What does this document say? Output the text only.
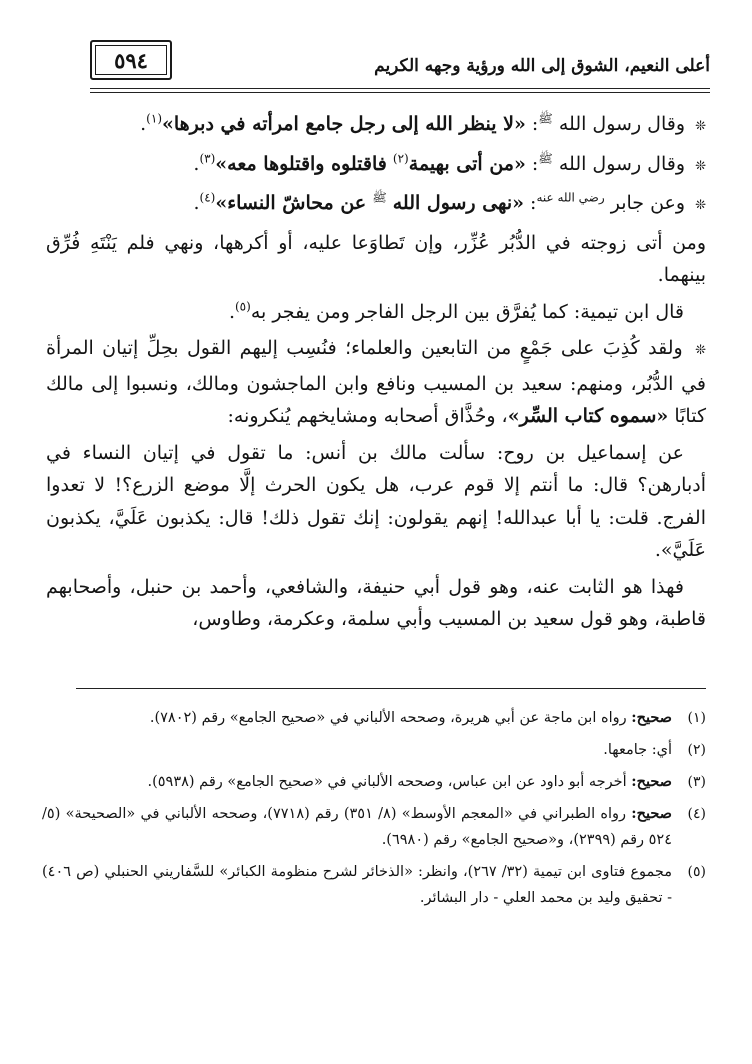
٥٩٤	أعلى النعيم، الشوق إلى الله ورؤية وجهه الكريم

❊ وقال رسول الله $^ﷺ$: «لا ينظر الله إلى رجل جامع امرأته في دبرها»$^{(١)}$.

❊ وقال رسول الله $^ﷺ$: «من أتى بهيمة$^{(٢)}$ فاقتلوه واقتلوها معه»$^{(٣)}$.

❊ وعن جابر $^{رضي الله عنه}$: «نهى رسول الله $^ﷺ$ عن محاشّ النساء»$^{(٤)}$.

ومن أتى زوجته في الدُّبُر عُزِّر، وإن تَطاوَعا عليه، أو أكرهها، ونهي فلم يَنْتَهِ فُرِّق بينهما.

قال ابن تيمية: كما يُفرَّق بين الرجل الفاجر ومن يفجر به$^{(٥)}$.

❊ ولقد كُذِبَ على جَمْعٍ من التابعين والعلماء؛ فنُسِب إليهم القول بحِلِّ إتيان المرأة في الدُّبُر، ومنهم: سعيد بن المسيب ونافع وابن الماجشون ومالك، ونسبوا إلى مالك كتابًا «سموه كتاب السِّر»، وحُذَّاق أصحابه ومشايخهم يُنكرونه:

عن إسماعيل بن روح: سألت مالك بن أنس: ما تقول في إتيان النساء في أدبارهن؟ قال: ما أنتم إلا قوم عرب، هل يكون الحرث إلَّا موضع الزرع؟! لا تعدوا الفرج. قلت: يا أبا عبدالله! إنهم يقولون: إنك تقول ذلك! قال: يكذبون عَلَيَّ، يكذبون عَلَيَّ».

فهذا هو الثابت عنه، وهو قول أبي حنيفة، والشافعي، وأحمد بن حنبل، وأصحابهم قاطبة، وهو قول سعيد بن المسيب وأبي سلمة، وعكرمة، وطاوس،

(١)
صحيح: رواه ابن ماجة عن أبي هريرة، وصححه الألباني في «صحيح الجامع» رقم (٧٨٠٢).
(٢)
أي: جامعها.
(٣)
صحيح: أخرجه أبو داود عن ابن عباس، وصححه الألباني في «صحيح الجامع» رقم (٥٩٣٨).
(٤)
صحيح: رواه الطبراني في «المعجم الأوسط» (٨/ ٣٥١) رقم (٧٧١٨)، وصححه الألباني في «الصحيحة» (٥/ ٥٢٤ رقم (٢٣٩٩)، و«صحيح الجامع» رقم (٦٩٨٠).
(٥)
مجموع فتاوى ابن تيمية (٣٢/ ٢٦٧)، وانظر: «الذخائر لشرح منظومة الكبائر» للسَّفاريني الحنبلي (ص ٤٠٦) - تحقيق وليد بن محمد العلي - دار البشائر.
